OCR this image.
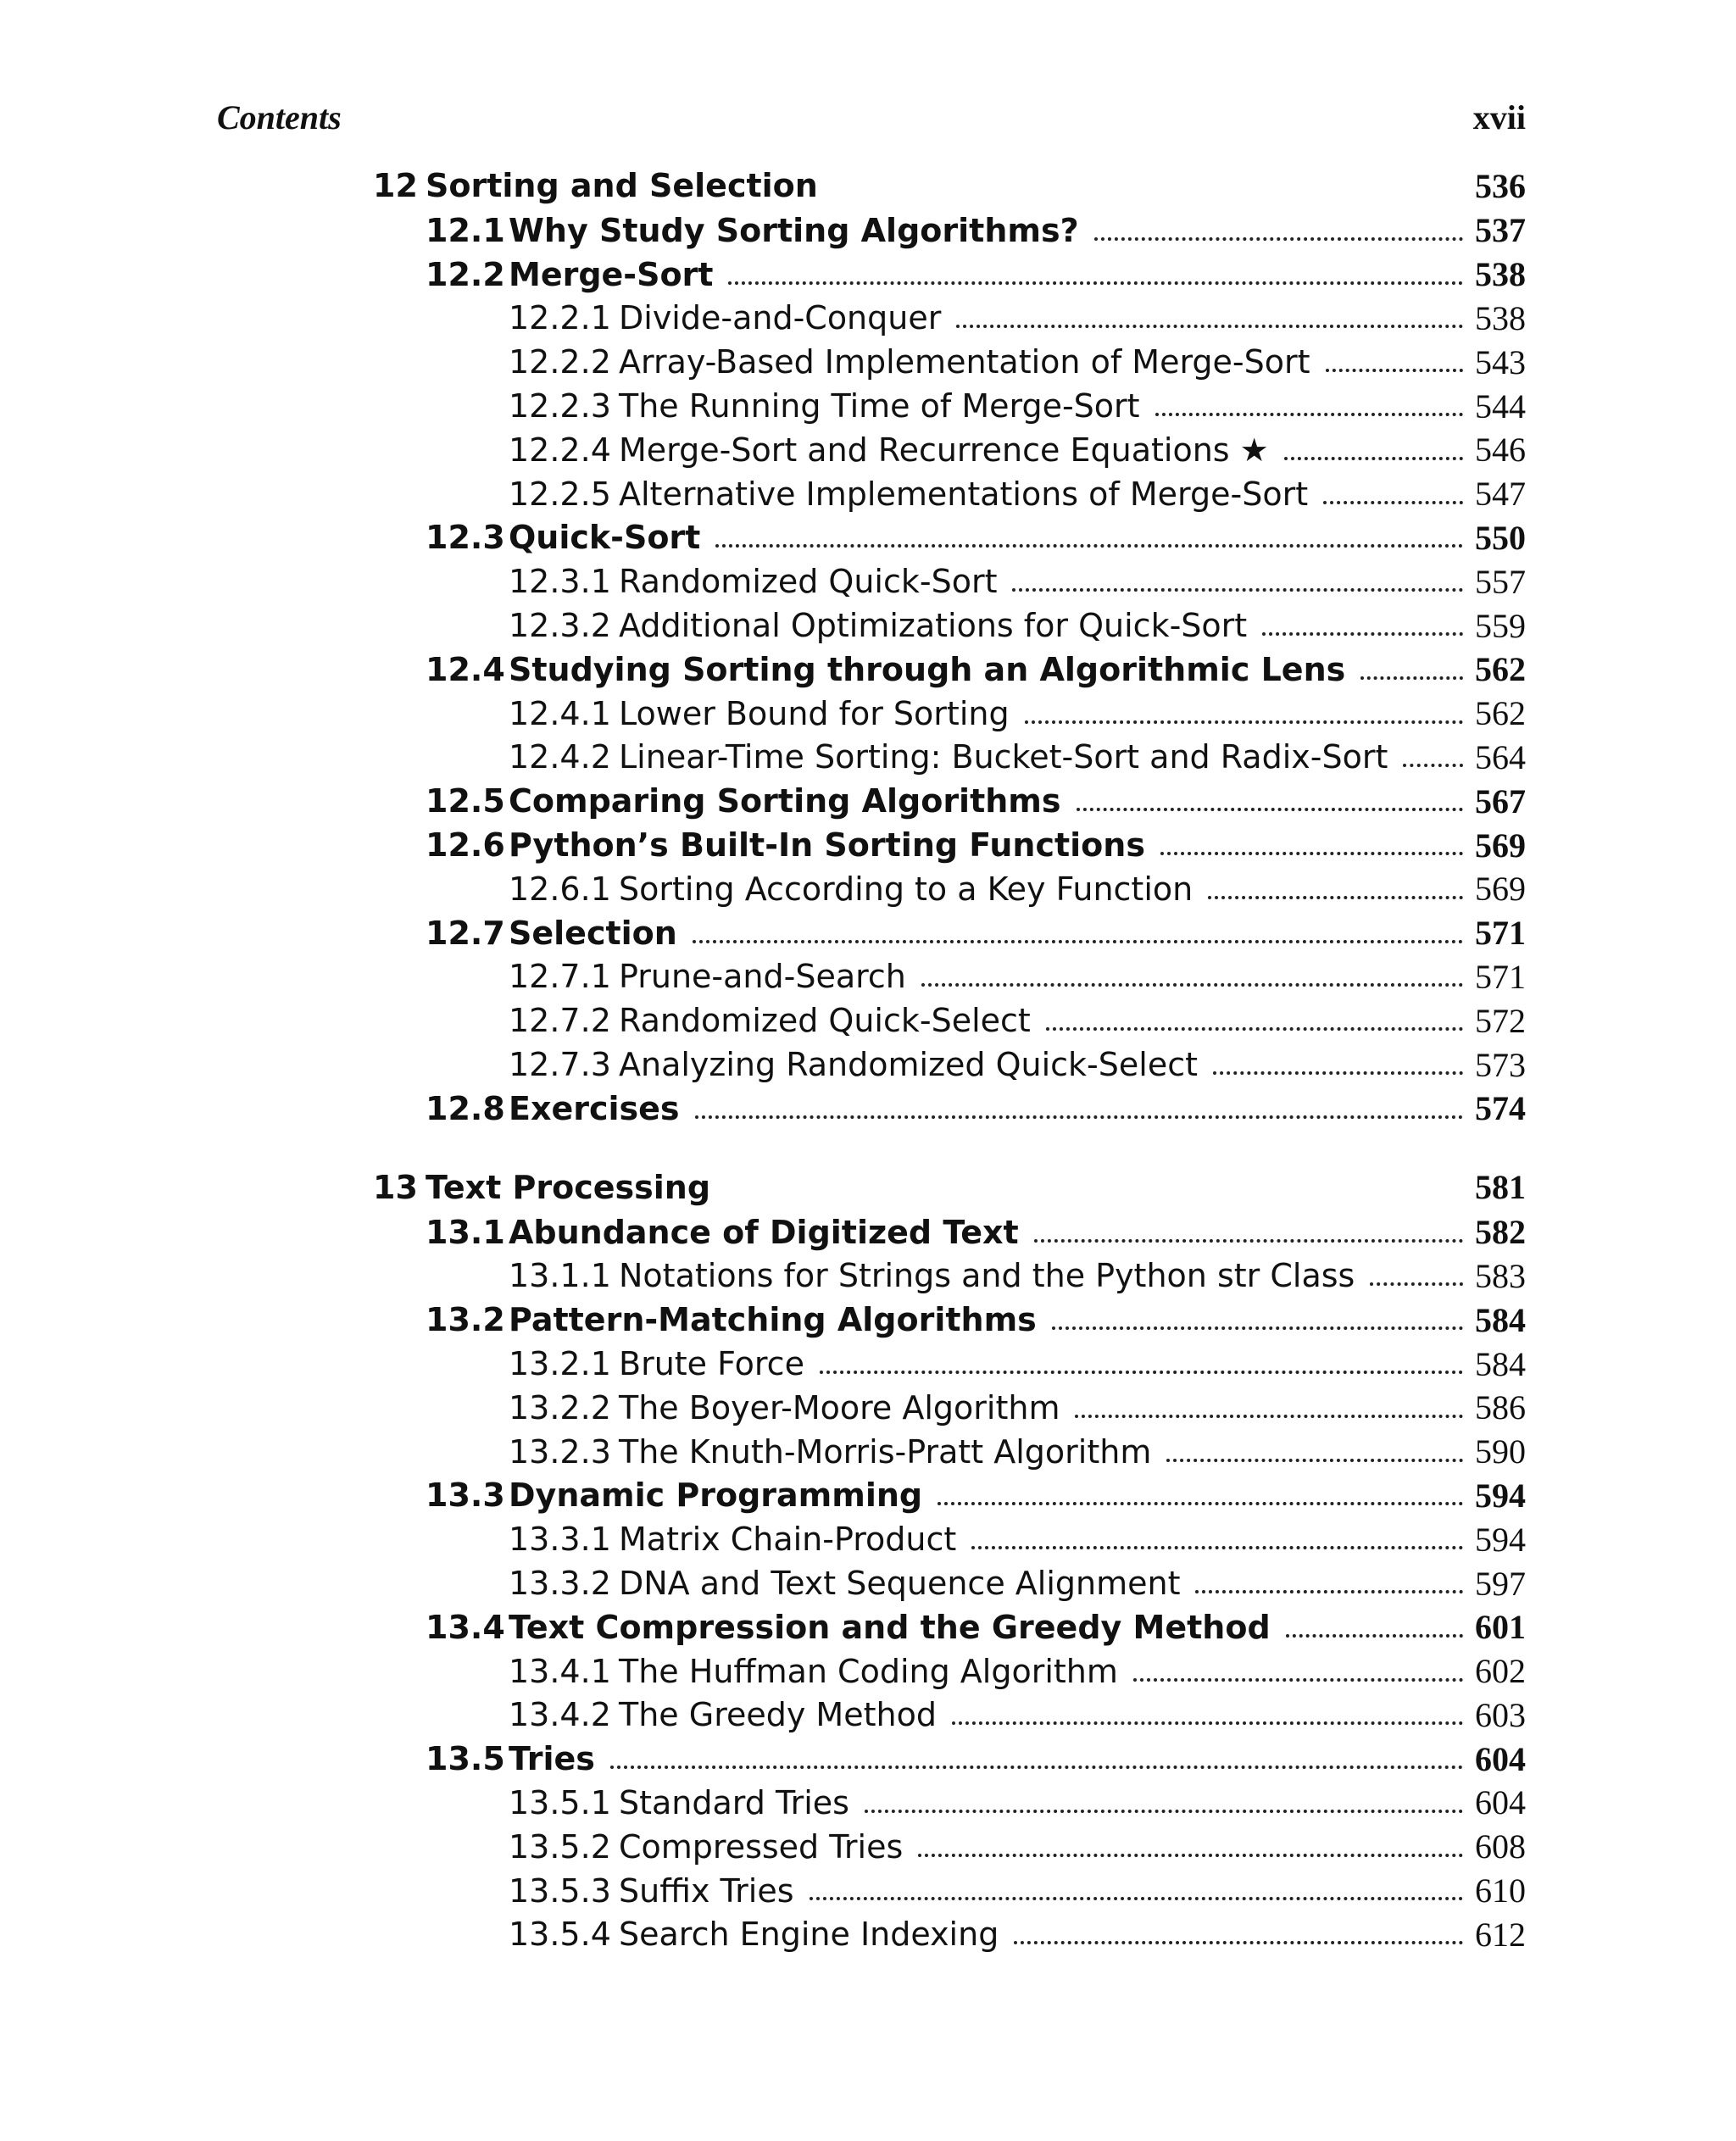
Contents	xvii
12 Sorting and Selection	536
12.1 Why Study Sorting Algorithms?	537
12.2 Merge-Sort	538
12.2.1 Divide-and-Conquer	538
12.2.2 Array-Based Implementation of Merge-Sort	543
12.2.3 The Running Time of Merge-Sort	544
12.2.4 Merge-Sort and Recurrence Equations ★	546
12.2.5 Alternative Implementations of Merge-Sort	547
12.3 Quick-Sort	550
12.3.1 Randomized Quick-Sort	557
12.3.2 Additional Optimizations for Quick-Sort	559
12.4 Studying Sorting through an Algorithmic Lens	562
12.4.1 Lower Bound for Sorting	562
12.4.2 Linear-Time Sorting: Bucket-Sort and Radix-Sort	564
12.5 Comparing Sorting Algorithms	567
12.6 Python’s Built-In Sorting Functions	569
12.6.1 Sorting According to a Key Function	569
12.7 Selection	571
12.7.1 Prune-and-Search	571
12.7.2 Randomized Quick-Select	572
12.7.3 Analyzing Randomized Quick-Select	573
12.8 Exercises	574
13 Text Processing	581
13.1 Abundance of Digitized Text	582
13.1.1 Notations for Strings and the Python str Class	583
13.2 Pattern-Matching Algorithms	584
13.2.1 Brute Force	584
13.2.2 The Boyer-Moore Algorithm	586
13.2.3 The Knuth-Morris-Pratt Algorithm	590
13.3 Dynamic Programming	594
13.3.1 Matrix Chain-Product	594
13.3.2 DNA and Text Sequence Alignment	597
13.4 Text Compression and the Greedy Method	601
13.4.1 The Huffman Coding Algorithm	602
13.4.2 The Greedy Method	603
13.5 Tries	604
13.5.1 Standard Tries	604
13.5.2 Compressed Tries	608
13.5.3 Suffix Tries	610
13.5.4 Search Engine Indexing	612
